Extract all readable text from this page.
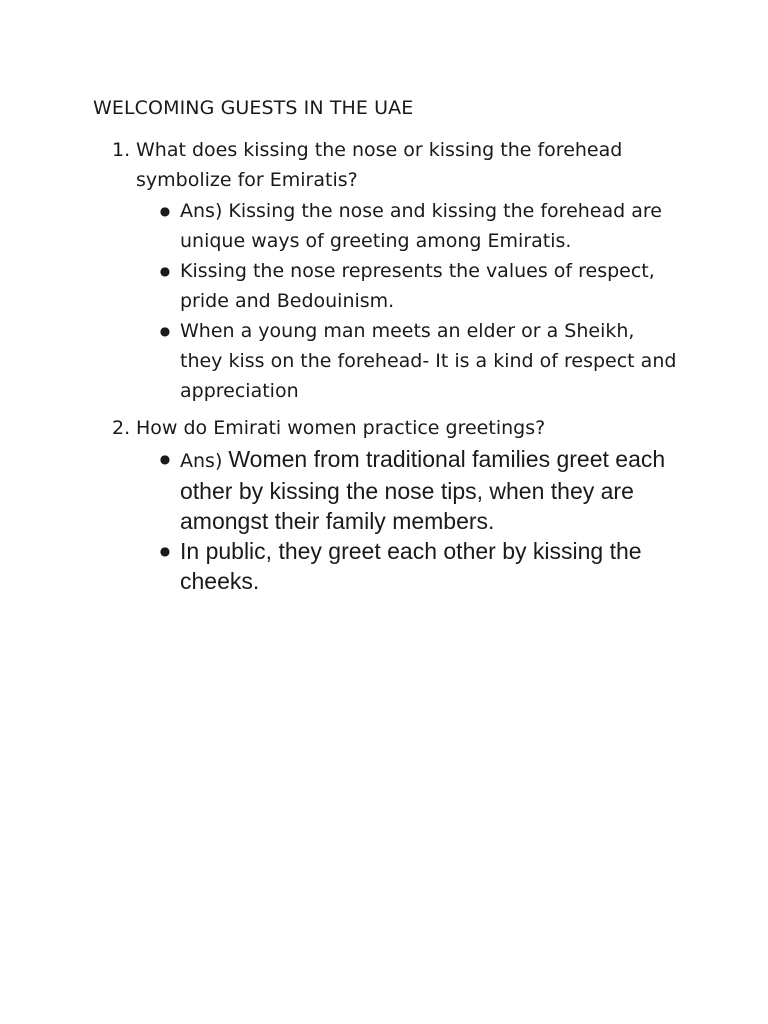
WELCOMING GUESTS IN THE UAE
1. What does kissing the nose or kissing the forehead symbolize for Emiratis?
● Ans) Kissing the nose and kissing the forehead are unique ways of greeting among Emiratis.
● Kissing the nose represents the values of respect, pride and Bedouinism.
● When a young man meets an elder or a Sheikh, they kiss on the forehead- It is a kind of respect and appreciation
2. How do Emirati women practice greetings?
● Ans) Women from traditional families greet each other by kissing the nose tips, when they are amongst their family members.
● In public, they greet each other by kissing the cheeks.
